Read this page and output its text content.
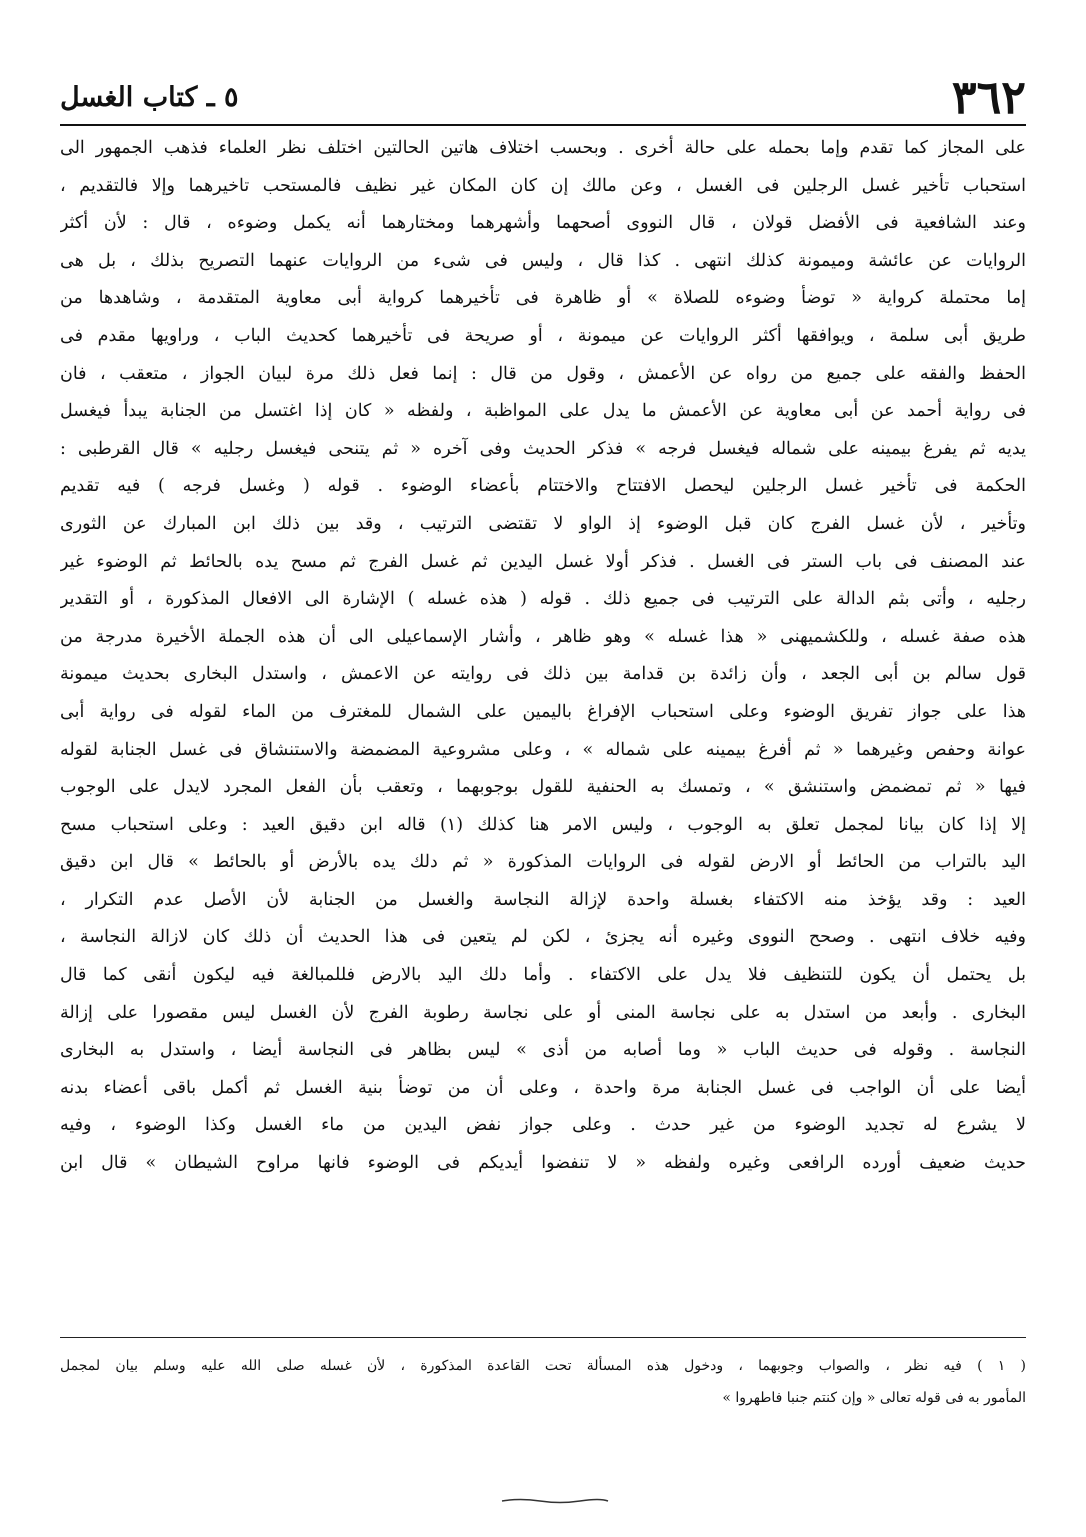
٣٦٢
٥ ـ كتاب الغسل
على المجاز كما تقدم وإما بحمله على حالة أخرى . وبحسب اختلاف هاتين الحالتين اختلف نظر العلماء فذهب الجمهور الى
استحباب تأخير غسل الرجلين فى الغسل ، وعن مالك إن كان المكان غير نظيف فالمستحب تاخيرهما وإلا فالتقديم ،
وعند الشافعية فى الأفضل قولان ، قال النووى أصحهما وأشهرهما ومختارهما أنه يكمل وضوءه ، قال : لأن أكثر
الروايات عن عائشة وميمونة كذلك انتهى . كذا قال ، وليس فى شىء من الروايات عنهما التصريح بذلك ، بل هى
إما محتملة كرواية « توضأ وضوءه للصلاة » أو ظاهرة فى تأخيرهما كرواية أبى معاوية المتقدمة ، وشاهدها من
طريق أبى سلمة ، ويوافقها أكثر الروايات عن ميمونة ، أو صريحة فى تأخيرهما كحديث الباب ، وراويها مقدم فى
الحفظ والفقه على جميع من رواه عن الأعمش ، وقول من قال : إنما فعل ذلك مرة لبيان الجواز ، متعقب ، فان
فى رواية أحمد عن أبى معاوية عن الأعمش ما يدل على المواظبة ، ولفظه « كان إذا اغتسل من الجنابة يبدأ فيغسل
يديه ثم يفرغ بيمينه على شماله فيغسل فرجه » فذكر الحديث وفى آخره « ثم يتنحى فيغسل رجليه » قال القرطبى :
الحكمة فى تأخير غسل الرجلين ليحصل الافتتاح والاختتام بأعضاء الوضوء . قوله ( وغسل فرجه ) فيه تقديم
وتأخير ، لأن غسل الفرج كان قبل الوضوء إذ الواو لا تقتضى الترتيب ، وقد بين ذلك ابن المبارك عن الثورى
عند المصنف فى باب الستر فى الغسل . فذكر أولا غسل اليدين ثم غسل الفرج ثم مسح يده بالحائط ثم الوضوء غير
رجليه ، وأتى بثم الدالة على الترتيب فى جميع ذلك . قوله ( هذه غسله ) الإشارة الى الافعال المذكورة ، أو التقدير
هذه صفة غسله ، وللكشميهنى « هذا غسله » وهو ظاهر ، وأشار الإسماعيلى الى أن هذه الجملة الأخيرة مدرجة من
قول سالم بن أبى الجعد ، وأن زائدة بن قدامة بين ذلك فى روايته عن الاعمش ، واستدل البخارى بحديث ميمونة
هذا على جواز تفريق الوضوء وعلى استحباب الإفراغ باليمين على الشمال للمغترف من الماء لقوله فى رواية أبى
عوانة وحفص وغيرهما « ثم أفرغ بيمينه على شماله » ، وعلى مشروعية المضمضة والاستنشاق فى غسل الجنابة لقوله
فيها « ثم تمضمض واستنشق » ، وتمسك به الحنفية للقول بوجوبهما ، وتعقب بأن الفعل المجرد لايدل على الوجوب
إلا إذا كان بيانا لمجمل تعلق به الوجوب ، وليس الامر هنا كذلك (١) قاله ابن دقيق العيد : وعلى استحباب مسح
اليد بالتراب من الحائط أو الارض لقوله فى الروايات المذكورة « ثم دلك يده بالأرض أو بالحائط » قال ابن دقيق
العيد : وقد يؤخذ منه الاكتفاء بغسلة واحدة لإزالة النجاسة والغسل من الجنابة لأن الأصل عدم التكرار ،
وفيه خلاف انتهى . وصحح النووى وغيره أنه يجزئ ، لكن لم يتعين فى هذا الحديث أن ذلك كان لازالة النجاسة ،
بل يحتمل أن يكون للتنظيف فلا يدل على الاكتفاء . وأما دلك اليد بالارض فللمبالغة فيه ليكون أنقى كما قال
البخارى . وأبعد من استدل به على نجاسة المنى أو على نجاسة رطوبة الفرج لأن الغسل ليس مقصورا على إزالة
النجاسة . وقوله فى حديث الباب « وما أصابه من أذى » ليس بظاهر فى النجاسة أيضا ، واستدل به البخارى
أيضا على أن الواجب فى غسل الجنابة مرة واحدة ، وعلى أن من توضأ بنية الغسل ثم أكمل باقى أعضاء بدنه
لا يشرع له تجديد الوضوء من غير حدث . وعلى جواز نفض اليدين من ماء الغسل وكذا الوضوء ، وفيه
حديث ضعيف أورده الرافعى وغيره ولفظه « لا تنفضوا أيديكم فى الوضوء فانها مراوح الشيطان » قال ابن
( ١ ) فيه نظر ، والصواب وجوبهما ، ودخول هذه المسألة تحت القاعدة المذكورة ، لأن غسله صلى الله عليه وسلم بيان لمجمل
المأمور به فى قوله تعالى « وإن كنتم جنبا فاطهروا »
